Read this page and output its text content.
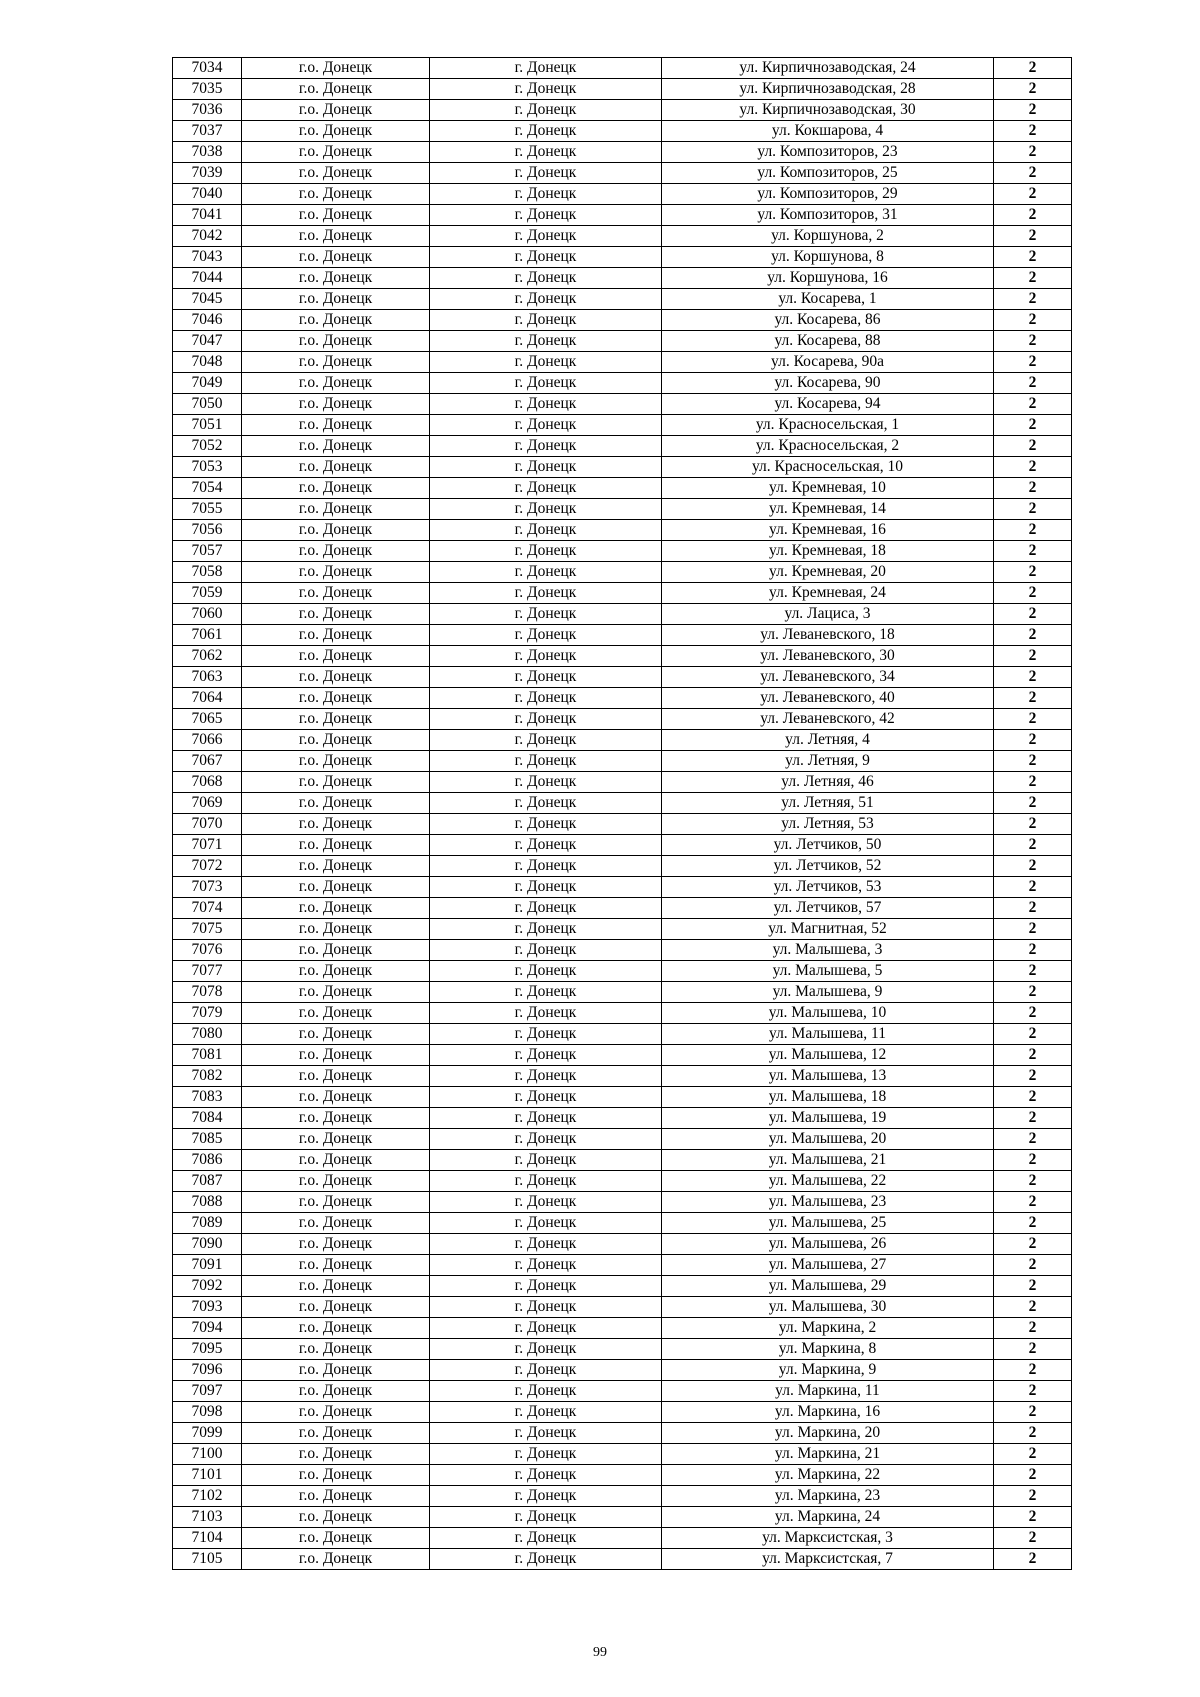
7034	г.о. Донецк	г. Донецк	ул. Кирпичнозаводская, 24	2
7035	г.о. Донецк	г. Донецк	ул. Кирпичнозаводская, 28	2
7036	г.о. Донецк	г. Донецк	ул. Кирпичнозаводская, 30	2
7037	г.о. Донецк	г. Донецк	ул. Кокшарова, 4	2
7038	г.о. Донецк	г. Донецк	ул. Композиторов, 23	2
7039	г.о. Донецк	г. Донецк	ул. Композиторов, 25	2
7040	г.о. Донецк	г. Донецк	ул. Композиторов, 29	2
7041	г.о. Донецк	г. Донецк	ул. Композиторов, 31	2
7042	г.о. Донецк	г. Донецк	ул. Коршунова, 2	2
7043	г.о. Донецк	г. Донецк	ул. Коршунова, 8	2
7044	г.о. Донецк	г. Донецк	ул. Коршунова, 16	2
7045	г.о. Донецк	г. Донецк	ул. Косарева, 1	2
7046	г.о. Донецк	г. Донецк	ул. Косарева, 86	2
7047	г.о. Донецк	г. Донецк	ул. Косарева, 88	2
7048	г.о. Донецк	г. Донецк	ул. Косарева, 90а	2
7049	г.о. Донецк	г. Донецк	ул. Косарева, 90	2
7050	г.о. Донецк	г. Донецк	ул. Косарева, 94	2
7051	г.о. Донецк	г. Донецк	ул. Красносельская, 1	2
7052	г.о. Донецк	г. Донецк	ул. Красносельская, 2	2
7053	г.о. Донецк	г. Донецк	ул. Красносельская, 10	2
7054	г.о. Донецк	г. Донецк	ул. Кремневая, 10	2
7055	г.о. Донецк	г. Донецк	ул. Кремневая, 14	2
7056	г.о. Донецк	г. Донецк	ул. Кремневая, 16	2
7057	г.о. Донецк	г. Донецк	ул. Кремневая, 18	2
7058	г.о. Донецк	г. Донецк	ул. Кремневая, 20	2
7059	г.о. Донецк	г. Донецк	ул. Кремневая, 24	2
7060	г.о. Донецк	г. Донецк	ул. Лациса, 3	2
7061	г.о. Донецк	г. Донецк	ул. Леваневского, 18	2
7062	г.о. Донецк	г. Донецк	ул. Леваневского, 30	2
7063	г.о. Донецк	г. Донецк	ул. Леваневского, 34	2
7064	г.о. Донецк	г. Донецк	ул. Леваневского, 40	2
7065	г.о. Донецк	г. Донецк	ул. Леваневского, 42	2
7066	г.о. Донецк	г. Донецк	ул. Летняя, 4	2
7067	г.о. Донецк	г. Донецк	ул. Летняя, 9	2
7068	г.о. Донецк	г. Донецк	ул. Летняя, 46	2
7069	г.о. Донецк	г. Донецк	ул. Летняя, 51	2
7070	г.о. Донецк	г. Донецк	ул. Летняя, 53	2
7071	г.о. Донецк	г. Донецк	ул. Летчиков, 50	2
7072	г.о. Донецк	г. Донецк	ул. Летчиков, 52	2
7073	г.о. Донецк	г. Донецк	ул. Летчиков, 53	2
7074	г.о. Донецк	г. Донецк	ул. Летчиков, 57	2
7075	г.о. Донецк	г. Донецк	ул. Магнитная, 52	2
7076	г.о. Донецк	г. Донецк	ул. Малышева, 3	2
7077	г.о. Донецк	г. Донецк	ул. Малышева, 5	2
7078	г.о. Донецк	г. Донецк	ул. Малышева, 9	2
7079	г.о. Донецк	г. Донецк	ул. Малышева, 10	2
7080	г.о. Донецк	г. Донецк	ул. Малышева, 11	2
7081	г.о. Донецк	г. Донецк	ул. Малышева, 12	2
7082	г.о. Донецк	г. Донецк	ул. Малышева, 13	2
7083	г.о. Донецк	г. Донецк	ул. Малышева, 18	2
7084	г.о. Донецк	г. Донецк	ул. Малышева, 19	2
7085	г.о. Донецк	г. Донецк	ул. Малышева, 20	2
7086	г.о. Донецк	г. Донецк	ул. Малышева, 21	2
7087	г.о. Донецк	г. Донецк	ул. Малышева, 22	2
7088	г.о. Донецк	г. Донецк	ул. Малышева, 23	2
7089	г.о. Донецк	г. Донецк	ул. Малышева, 25	2
7090	г.о. Донецк	г. Донецк	ул. Малышева, 26	2
7091	г.о. Донецк	г. Донецк	ул. Малышева, 27	2
7092	г.о. Донецк	г. Донецк	ул. Малышева, 29	2
7093	г.о. Донецк	г. Донецк	ул. Малышева, 30	2
7094	г.о. Донецк	г. Донецк	ул. Маркина, 2	2
7095	г.о. Донецк	г. Донецк	ул. Маркина, 8	2
7096	г.о. Донецк	г. Донецк	ул. Маркина, 9	2
7097	г.о. Донецк	г. Донецк	ул. Маркина, 11	2
7098	г.о. Донецк	г. Донецк	ул. Маркина, 16	2
7099	г.о. Донецк	г. Донецк	ул. Маркина, 20	2
7100	г.о. Донецк	г. Донецк	ул. Маркина, 21	2
7101	г.о. Донецк	г. Донецк	ул. Маркина, 22	2
7102	г.о. Донецк	г. Донецк	ул. Маркина, 23	2
7103	г.о. Донецк	г. Донецк	ул. Маркина, 24	2
7104	г.о. Донецк	г. Донецк	ул. Марксистская, 3	2
7105	г.о. Донецк	г. Донецк	ул. Марксистская, 7	2
99
